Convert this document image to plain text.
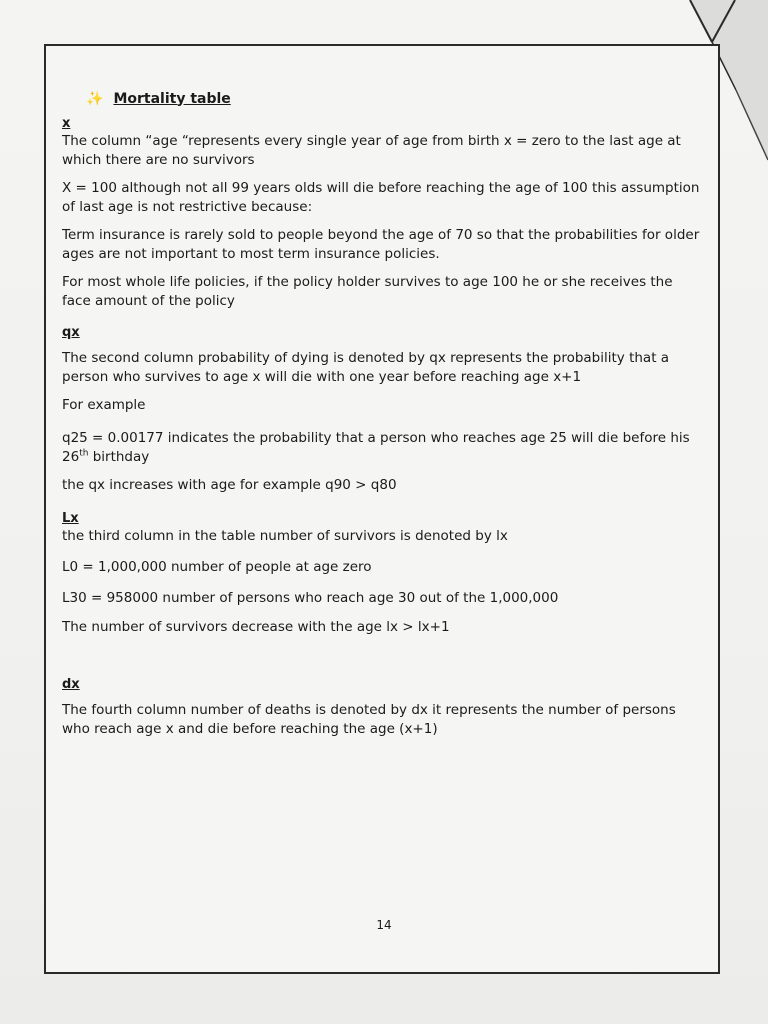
✨ Mortality table
x

The column “age “represents every single year of age from birth x = zero to the last age at which there are no survivors

X = 100 although not all 99 years olds will die before reaching the age of 100 this assumption of last age is not restrictive because:

Term insurance is rarely sold to people beyond the age of 70 so that the probabilities for older ages are not important to most term insurance policies.

For most whole life policies, if the policy holder survives to age 100 he or she receives the face amount of the policy

qx

The second column probability of dying is denoted by qx represents the probability that a person who survives to age x will die with one year before reaching age x+1

For example

q25 = 0.00177 indicates the probability that a person who reaches age 25 will die before his 26th birthday

the qx increases with age for example q90 > q80

Lx

the third column in the table number of survivors is denoted by lx

L0 = 1,000,000 number of people at age zero

L30 = 958000 number of persons who reach age 30 out of the 1,000,000

The number of survivors decrease with the age lx > lx+1

dx

The fourth column number of deaths is denoted by dx it represents the number of persons who reach age x and die before reaching the age (x+1)

14
